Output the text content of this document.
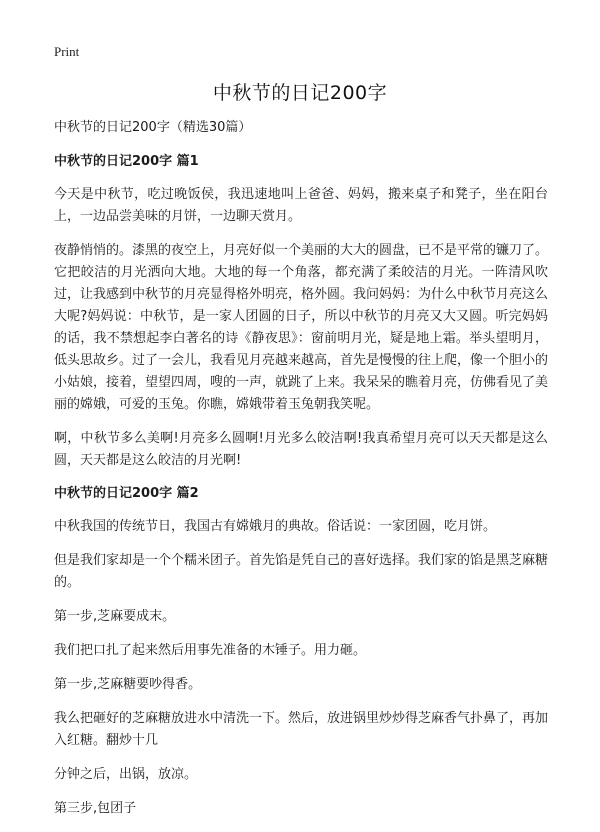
Print
中秋节的日记200字

中秋节的日记200字（精选30篇）

中秋节的日记200字 篇1

今天是中秋节，吃过晚饭侯，我迅速地叫上爸爸、妈妈，搬来桌子和凳子，坐在阳台上，一边品尝美味的月饼，一边聊天赏月。

夜静悄悄的。漆黑的夜空上，月亮好似一个美丽的大大的圆盘，已不是平常的镰刀了。它把皎洁的月光洒向大地。大地的每一个角落，都充满了柔皎洁的月光。一阵清风吹过，让我感到中秋节的月亮显得格外明亮，格外圆。我问妈妈：为什么中秋节月亮这么大呢?妈妈说：中秋节，是一家人团圆的日子，所以中秋节的月亮又大又圆。听完妈妈的话，我不禁想起李白著名的诗《静夜思》：窗前明月光，疑是地上霜。举头望明月，低头思故乡。过了一会儿，我看见月亮越来越高，首先是慢慢的往上爬，像一个胆小的小姑娘，接着，望望四周，嗖的一声，就跳了上来。我呆呆的瞧着月亮，仿佛看见了美丽的嫦娥，可爱的玉兔。你瞧，嫦娥带着玉兔朝我笑呢。

啊，中秋节多么美啊!月亮多么圆啊!月光多么皎洁啊!我真希望月亮可以天天都是这么圆，天天都是这么皎洁的月光啊!

中秋节的日记200字 篇2

中秋我国的传统节日，我国古有嫦娥月的典故。俗话说：一家团圆，吃月饼。

但是我们家却是一个个糯米团子。首先馅是凭自己的喜好选择。我们家的馅是黑芝麻糖的。

第一步,芝麻要成末。

我们把口扎了起来然后用事先准备的木锤子。用力砸。

第一步,芝麻糖要吵得香。

我么把砸好的芝麻糖放进水中清洗一下。然后，放进锅里炒炒得芝麻香气扑鼻了，再加入红糖。翻炒十几

分钟之后，出锅，放凉。

第三步,包团子
